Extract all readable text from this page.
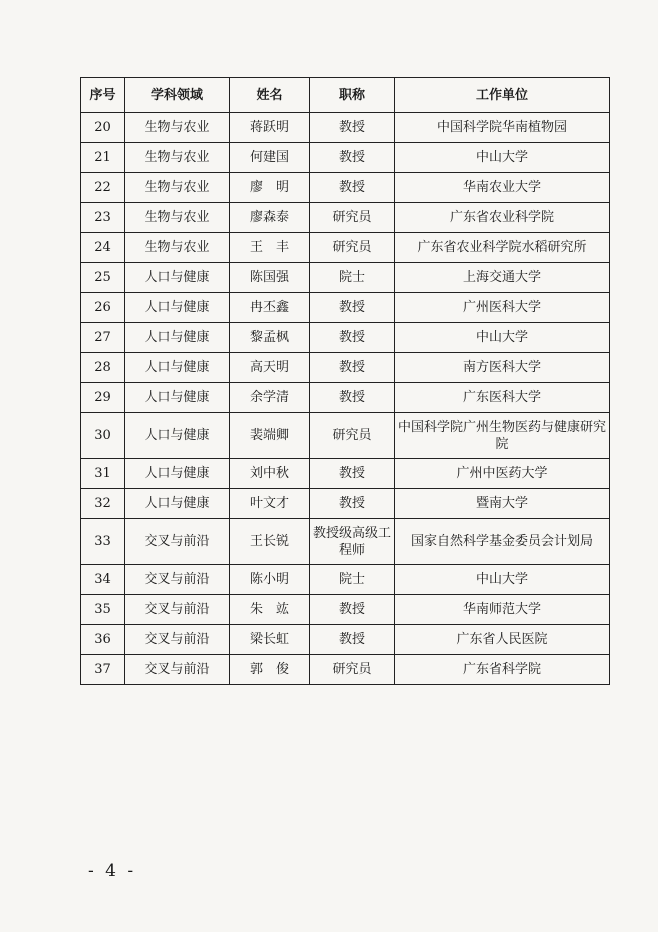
序号	学科领域	姓名	职称	工作单位
20	生物与农业	蒋跃明	教授	中国科学院华南植物园
21	生物与农业	何建国	教授	中山大学
22	生物与农业	廖　明	教授	华南农业大学
23	生物与农业	廖森泰	研究员	广东省农业科学院
24	生物与农业	王　丰	研究员	广东省农业科学院水稻研究所
25	人口与健康	陈国强	院士	上海交通大学
26	人口与健康	冉丕鑫	教授	广州医科大学
27	人口与健康	黎孟枫	教授	中山大学
28	人口与健康	高天明	教授	南方医科大学
29	人口与健康	余学清	教授	广东医科大学
30	人口与健康	裴端卿	研究员	中国科学院广州生物医药与健康研究院
31	人口与健康	刘中秋	教授	广州中医药大学
32	人口与健康	叶文才	教授	暨南大学
33	交叉与前沿	王长锐	教授级高级工程师	国家自然科学基金委员会计划局
34	交叉与前沿	陈小明	院士	中山大学
35	交叉与前沿	朱　竑	教授	华南师范大学
36	交叉与前沿	梁长虹	教授	广东省人民医院
37	交叉与前沿	郭　俊	研究员	广东省科学院
- 4 -
